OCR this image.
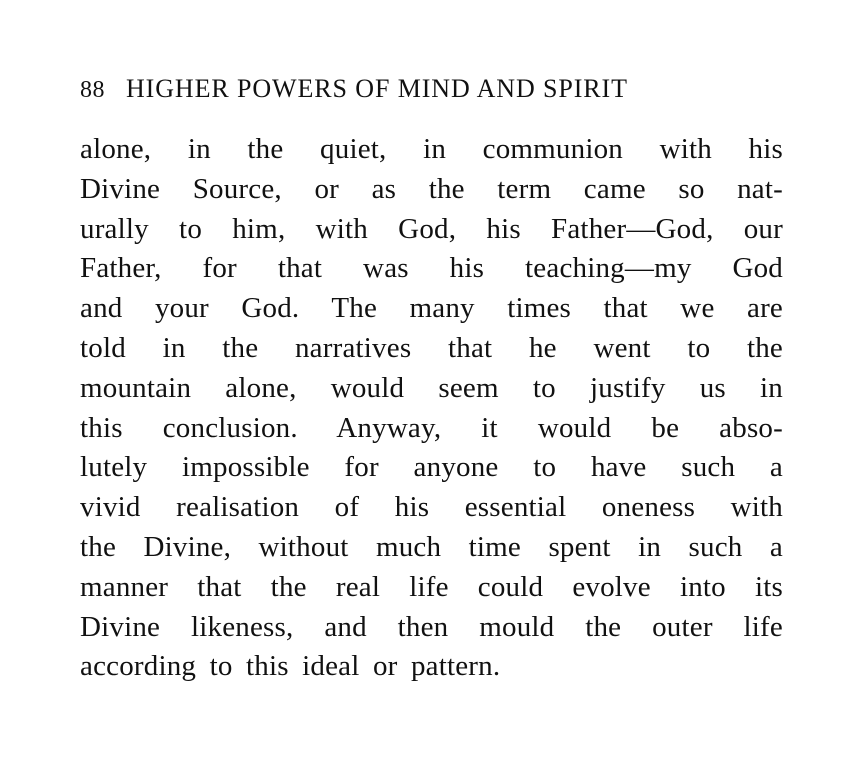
88 HIGHER POWERS OF MIND AND SPIRIT
alone, in the quiet, in communion with his
Divine Source, or as the term came so nat-
urally to him, with God, his Father—God, our
Father, for that was his teaching—my God
and your God. The many times that we are
told in the narratives that he went to the
mountain alone, would seem to justify us in
this conclusion. Anyway, it would be abso-
lutely impossible for anyone to have such a
vivid realisation of his essential oneness with
the Divine, without much time spent in such a
manner that the real life could evolve into its
Divine likeness, and then mould the outer life
according to this ideal or pattern.
